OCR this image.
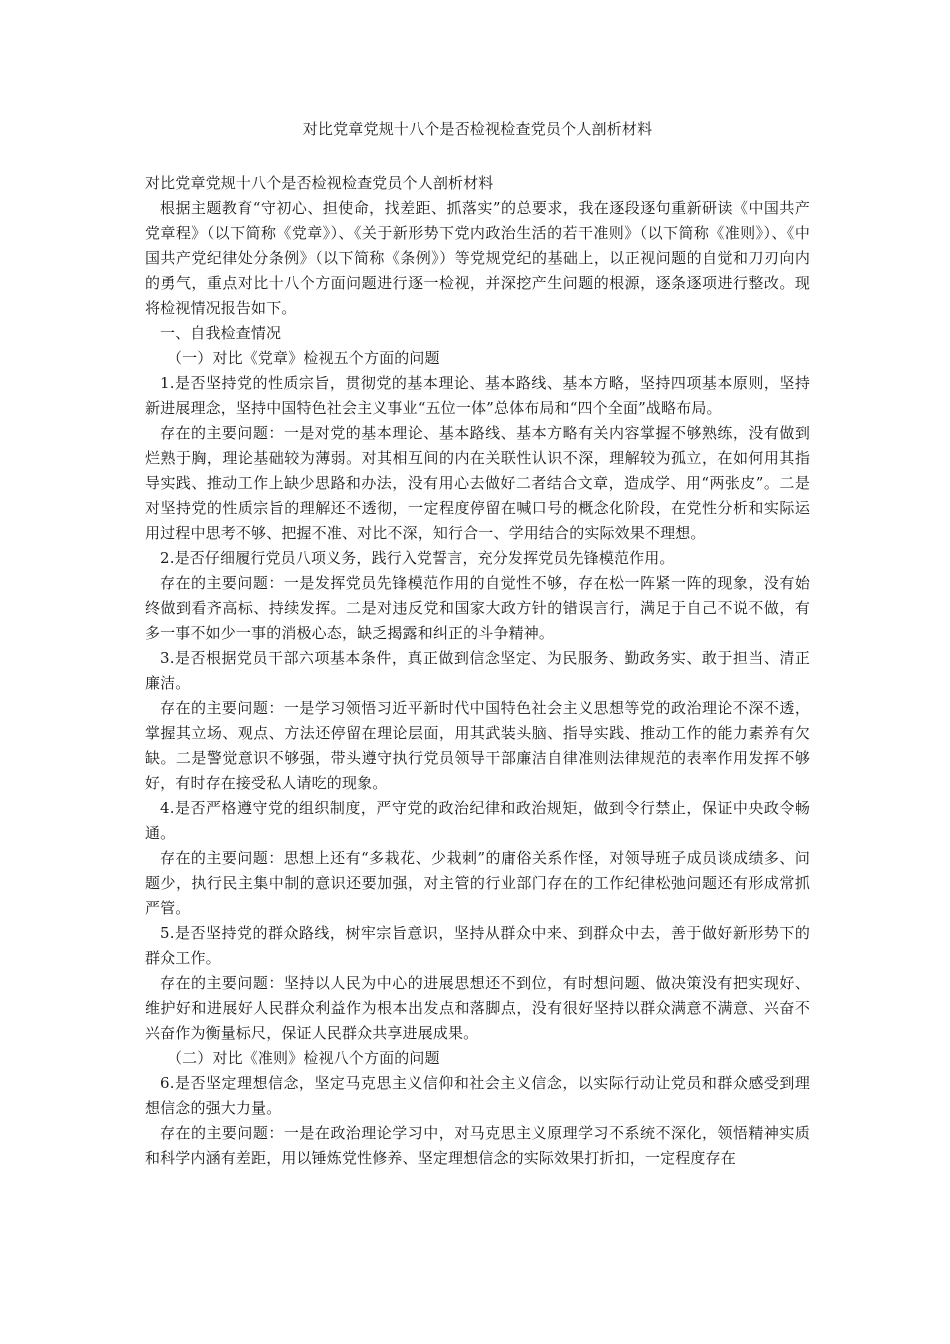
对比党章党规十八个是否检视检查党员个人剖析材料

对比党章党规十八个是否检视检查党员个人剖析材料

根据主题教育“守初心、担使命，找差距、抓落实”的总要求，我在逐段逐句重新研读《中国共产党章程》（以下简称《党章》）、《关于新形势下党内政治生活的若干准则》（以下简称《准则》）、《中国共产党纪律处分条例》（以下简称《条例》）等党规党纪的基础上，以正视问题的自觉和刀刃向内的勇气，重点对比十八个方面问题进行逐一检视，并深挖产生问题的根源，逐条逐项进行整改。现将检视情况报告如下。

一、自我检查情况

（一）对比《党章》检视五个方面的问题

1.是否坚持党的性质宗旨，贯彻党的基本理论、基本路线、基本方略，坚持四项基本原则，坚持新进展理念，坚持中国特色社会主义事业“五位一体”总体布局和“四个全面”战略布局。

存在的主要问题：一是对党的基本理论、基本路线、基本方略有关内容掌握不够熟练，没有做到烂熟于胸，理论基础较为薄弱。对其相互间的内在关联性认识不深，理解较为孤立，在如何用其指导实践、推动工作上缺少思路和办法，没有用心去做好二者结合文章，造成学、用“两张皮”。二是对坚持党的性质宗旨的理解还不透彻，一定程度停留在喊口号的概念化阶段，在党性分析和实际运用过程中思考不够、把握不准、对比不深，知行合一、学用结合的实际效果不理想。

2.是否仔细履行党员八项义务，践行入党誓言，充分发挥党员先锋模范作用。

存在的主要问题：一是发挥党员先锋模范作用的自觉性不够，存在松一阵紧一阵的现象，没有始终做到看齐高标、持续发挥。二是对违反党和国家大政方针的错误言行，满足于自己不说不做，有多一事不如少一事的消极心态，缺乏揭露和纠正的斗争精神。

3.是否根据党员干部六项基本条件，真正做到信念坚定、为民服务、勤政务实、敢于担当、清正廉洁。

存在的主要问题：一是学习领悟习近平新时代中国特色社会主义思想等党的政治理论不深不透，掌握其立场、观点、方法还停留在理论层面，用其武装头脑、指导实践、推动工作的能力素养有欠缺。二是警觉意识不够强，带头遵守执行党员领导干部廉洁自律准则法律规范的表率作用发挥不够好，有时存在接受私人请吃的现象。

4.是否严格遵守党的组织制度，严守党的政治纪律和政治规矩，做到令行禁止，保证中央政令畅通。

存在的主要问题：思想上还有“多栽花、少栽刺”的庸俗关系作怪，对领导班子成员谈成绩多、问题少，执行民主集中制的意识还要加强，对主管的行业部门存在的工作纪律松弛问题还有形成常抓严管。

5.是否坚持党的群众路线，树牢宗旨意识，坚持从群众中来、到群众中去，善于做好新形势下的群众工作。

存在的主要问题：坚持以人民为中心的进展思想还不到位，有时想问题、做决策没有把实现好、维护好和进展好人民群众利益作为根本出发点和落脚点，没有很好坚持以群众满意不满意、兴奋不兴奋作为衡量标尺，保证人民群众共享进展成果。

（二）对比《准则》检视八个方面的问题

6.是否坚定理想信念，坚定马克思主义信仰和社会主义信念，以实际行动让党员和群众感受到理想信念的强大力量。

存在的主要问题：一是在政治理论学习中，对马克思主义原理学习不系统不深化，领悟精神实质和科学内涵有差距，用以锤炼党性修养、坚定理想信念的实际效果打折扣，一定程度存在
